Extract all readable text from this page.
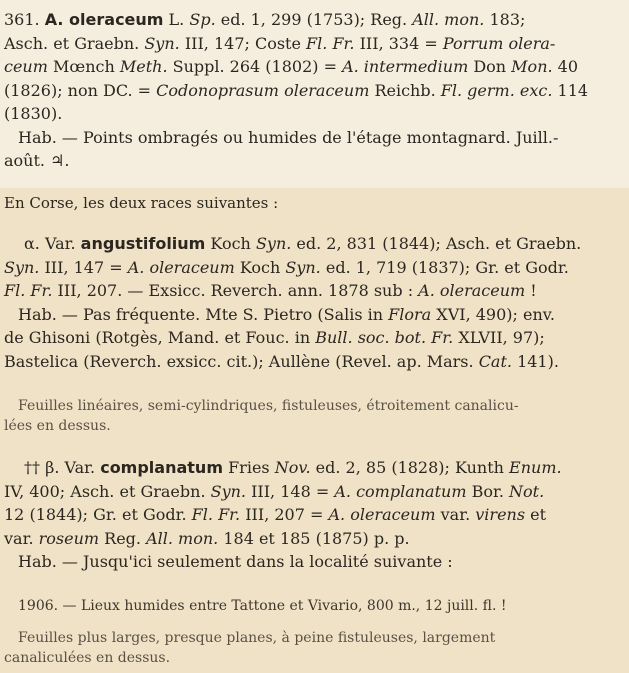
361. A. oleraceum L. Sp. ed. 1, 299 (1753); Reg. All. mon. 183;

Asch. et Graebn. Syn. III, 147; Coste Fl. Fr. III, 334 = Porrum olera-

ceum Mœnch Meth. Suppl. 264 (1802) = A. intermedium Don Mon. 40

(1826); non DC. = Codonoprasum oleraceum Reichb. Fl. germ. exc. 114

(1830).

Hab. — Points ombragés ou humides de l'étage montagnard. Juill.-

août. ♃.

En Corse, les deux races suivantes :

α. Var. angustifolium Koch Syn. ed. 2, 831 (1844); Asch. et Graebn.

Syn. III, 147 = A. oleraceum Koch Syn. ed. 1, 719 (1837); Gr. et Godr.

Fl. Fr. III, 207. — Exsicc. Reverch. ann. 1878 sub : A. oleraceum !

Hab. — Pas fréquente. Mte S. Pietro (Salis in Flora XVI, 490); env.

de Ghisoni (Rotgès, Mand. et Fouc. in Bull. soc. bot. Fr. XLVII, 97);

Bastelica (Reverch. exsicc. cit.); Aullène (Revel. ap. Mars. Cat. 141).

Feuilles linéaires, semi-cylindriques, fistuleuses, étroitement canalicu-

lées en dessus.

†† β. Var. complanatum Fries Nov. ed. 2, 85 (1828); Kunth Enum.

IV, 400; Asch. et Graebn. Syn. III, 148 = A. complanatum Bor. Not.

12 (1844); Gr. et Godr. Fl. Fr. III, 207 = A. oleraceum var. virens et

var. roseum Reg. All. mon. 184 et 185 (1875) p. p.

Hab. — Jusqu'ici seulement dans la localité suivante :

1906. — Lieux humides entre Tattone et Vivario, 800 m., 12 juill. fl. !

Feuilles plus larges, presque planes, à peine fistuleuses, largement

canaliculées en dessus.
